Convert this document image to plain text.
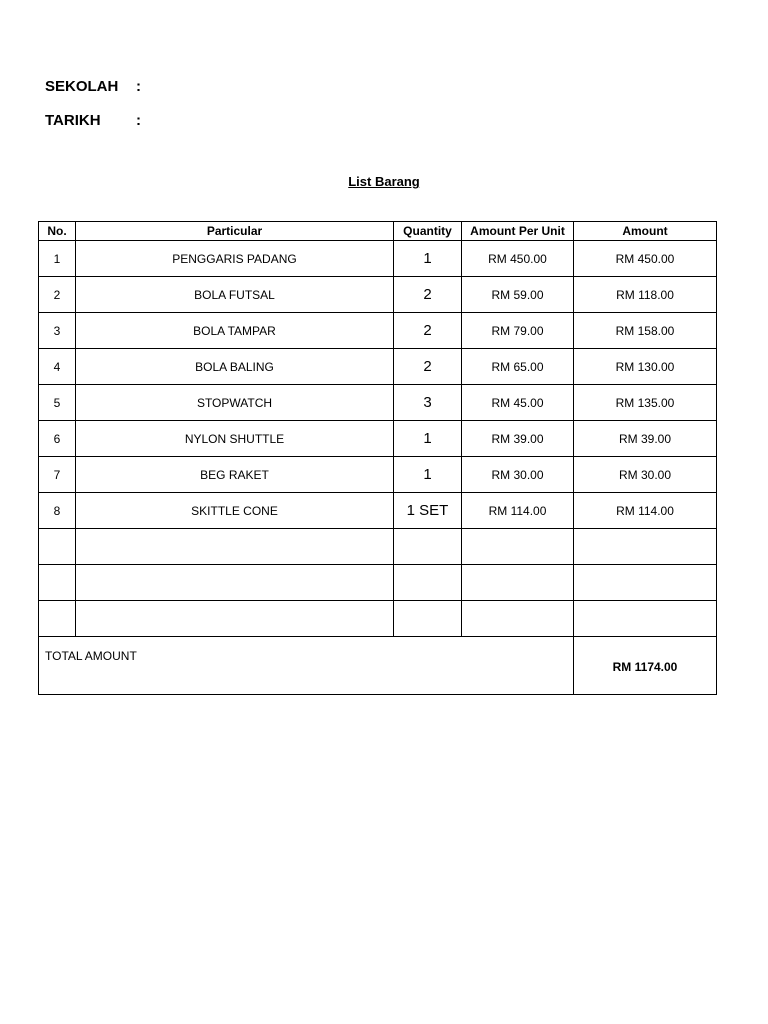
SEKOLAH :
TARIKH :
List Barang
No.	Particular	Quantity	Amount Per Unit	Amount
1	PENGGARIS PADANG	1	RM 450.00	RM 450.00
2	BOLA FUTSAL	2	RM 59.00	RM 118.00
3	BOLA TAMPAR	2	RM 79.00	RM 158.00
4	BOLA BALING	2	RM 65.00	RM 130.00
5	STOPWATCH	3	RM 45.00	RM 135.00
6	NYLON SHUTTLE	1	RM 39.00	RM 39.00
7	BEG RAKET	1	RM 30.00	RM 30.00
8	SKITTLE CONE	1 SET	RM 114.00	RM 114.00

TOTAL AMOUNT				RM 1174.00
